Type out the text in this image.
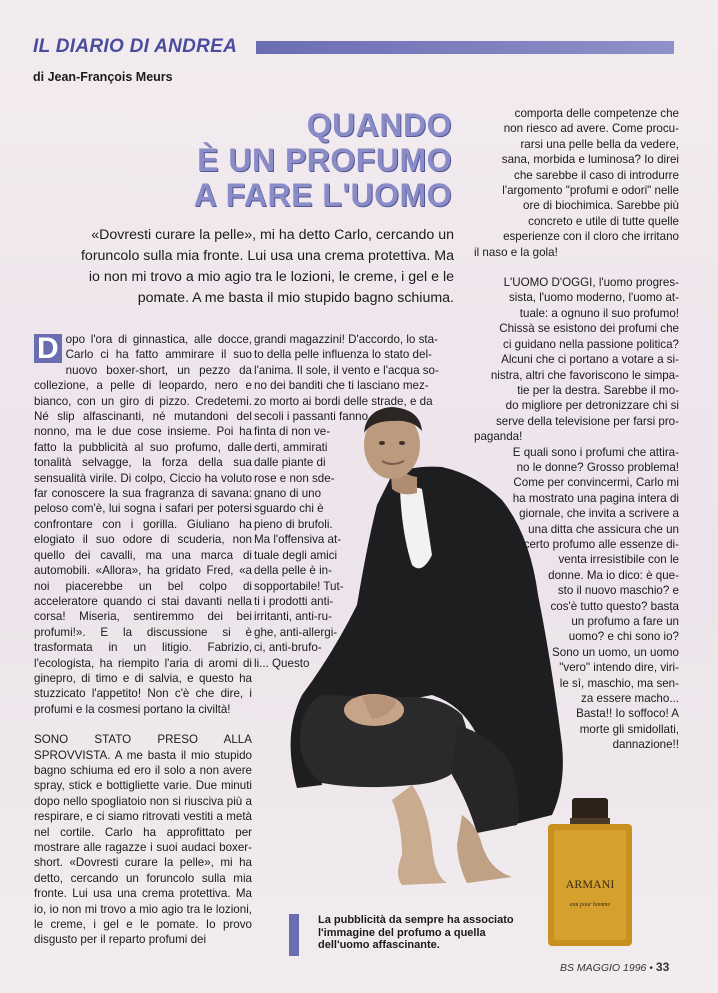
IL DIARIO DI ANDREA
di Jean-François Meurs
QUANDO
È UN PROFUMO
A FARE L'UOMO
«Dovresti curare la pelle», mi ha detto Carlo, cercando un foruncolo sulla mia fronte. Lui usa una crema protettiva. Ma io non mi trovo a mio agio tra le lozioni, le creme, i gel e le pomate. A me basta il mio stupido bagno schiuma.

D opo l'ora di ginnastica, alle docce, Carlo ci ha fatto ammirare il suo nuovo boxer-short, un pezzo da collezione, a pelle di leopardo, nero e bianco, con un giro di pizzo. Credetemi. Né slip alfascinanti, né mutandoni del nonno, ma le due cose insieme. Poi ha fatto la pubblicità al suo profumo, dalle tonalità selvagge, la forza della sua sensualità virile. Di colpo, Ciccio ha voluto far conoscere la sua fragranza di savana: peloso com'è, lui sogna i safari per potersi confrontare con i gorilla. Giuliano ha elogiato il suo odore di scuderia, non quello dei cavalli, ma una marca di automobili. «Allora», ha gridato Fred, «a noi piacerebbe un bel colpo di acceleratore quando ci stai davanti nella corsa! Miseria, sentiremmo dei bei profumi!». E la discussione si è trasformata in un litigio. Fabrizio, l'ecologista, ha riempito l'aria di aromi di ginepro, di timo e di salvia, e questo ha stuzzicato l'appetito! Non c'è che dire, i profumi e la cosmesi portano la civiltà!

SONO STATO PRESO ALLA SPROVVISTA. A me basta il mio stupido bagno schiuma ed ero il solo a non avere spray, stick e bottigliette varie. Due minuti dopo nello spogliatoio non si riusciva più a respirare, e ci siamo ritrovati vestiti a metà nel cortile. Carlo ha approfittato per mostrare alle ragazze i suoi audaci boxer-short. «Dovresti curare la pelle», mi ha detto, cercando un foruncolo sulla mia fronte. Lui usa una crema protettiva. Ma io, io non mi trovo a mio agio tra le lozioni, le creme, i gel e le pomate. Io provo disgusto per il reparto profumi dei

grandi magazzini! D'accordo, lo sta-
to della pelle influenza lo stato del-
l'anima. Il sole, il vento e l'acqua so-
no dei banditi che ti lasciano mez-
zo morto ai bordi delle strade, e da
secoli i passanti fanno
finta di non ve-
derti, ammirati
dalle piante di
rose e non sde-
gnano di uno
sguardo chi è
pieno di brufoli.
Ma l'offensiva at-
tuale degli amici
della pelle è in-
sopportabile! Tut-
ti i prodotti anti-
irritanti, anti-ru-
ghe, anti-allergi-
ci, anti-brufo-
li... Questo
comporta delle competenze che
non riesco ad avere. Come procu-
rarsi una pelle bella da vedere,
sana, morbida e luminosa? Io direi
che sarebbe il caso di introdurre
l'argomento "profumi e odori" nelle
ore di biochimica. Sarebbe più
concreto e utile di tutte quelle
esperienze con il cloro che irritano
il naso e la gola!
L'UOMO D'OGGI, l'uomo progres-
sista, l'uomo moderno, l'uomo at-
tuale: a ognuno il suo profumo!
Chissà se esistono dei profumi che
ci guidano nella passione politica?
Alcuni che ci portano a votare a si-
nistra, altri che favoriscono le simpa-
tie per la destra. Sarebbe il mo-
do migliore per detronizzare chi si
serve della televisione per farsi pro-
paganda!
E quali sono i profumi che attira-
no le donne? Grosso problema!
Come per convincermi, Carlo mi
ha mostrato una pagina intera di
giornale, che invita a scrivere a
una ditta che assicura che un
certo profumo alle essenze di-
venta irresistibile con le
donne. Ma io dico: è que-
sto il nuovo maschio? e
cos'è tutto questo? basta
un profumo a fare un
uomo? e chi sono io?
Sono un uomo, un uomo
"vero" intendo dire, viri-
le sì, maschio, ma sen-
za essere macho...
Basta!! Io soffoco! A
morte gli smidollati,
dannazione!!
ARMANI
eau pour homme
La pubblicità da sempre ha associato l'immagine del profumo a quella dell'uomo affascinante.
BS MAGGIO 1996 • 33
